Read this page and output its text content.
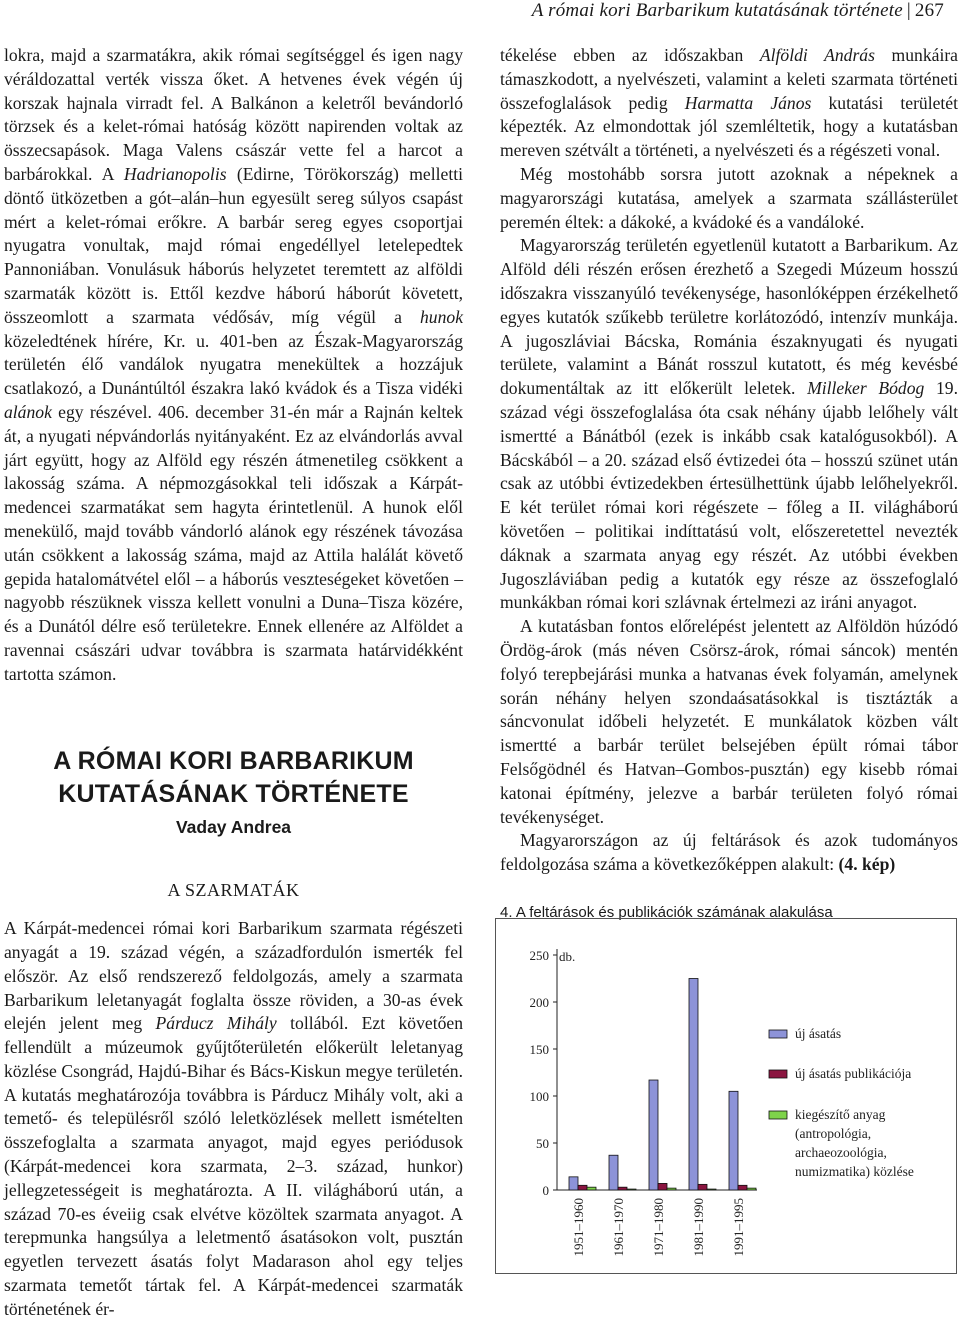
A római kori Barbarikum kutatásának története | 267

lokra, majd a szarmatákra, akik római segítséggel és igen nagy véráldozattal verték vissza őket. A hetvenes évek végén új korszak hajnala virradt fel. A Balkánon a keletről bevándorló törzsek és a kelet-római hatóság között napirenden voltak az összecsapások. Maga Valens császár vette fel a harcot a barbárokkal. A Hadrianopolis (Edirne, Törökország) melletti döntő ütközetben a gót–alán–hun egyesült sereg súlyos csapást mért a kelet-római erőkre. A barbár sereg egyes csoportjai nyugatra vonultak, majd római engedéllyel letelepedtek Pannoniában. Vonulásuk háborús helyzetet teremtett az alföldi szarmaták között is. Ettől kezdve háború háborút követett, összeomlott a szarmata védősáv, míg végül a hunok közeledtének hírére, Kr. u. 401-ben az Észak-Magyarország területén élő vandálok nyugatra menekültek a hozzájuk csatlakozó, a Dunántúltól északra lakó kvádok és a Tisza vidéki alánok egy részével. 406. december 31-én már a Rajnán keltek át, a nyugati népvándorlás nyitányaként. Ez az elvándorlás avval járt együtt, hogy az Alföld egy részén átmenetileg csökkent a lakosság száma. A népmozgásokkal teli időszak a Kárpát-medencei szarmatákat sem hagyta érintetlenül. A hunok elől menekülő, majd tovább vándorló alánok egy részének távozása után csökkent a lakosság száma, majd az Attila halálát követő gepida hatalomátvétel elől – a háborús veszteségeket követően – nagyobb részüknek vissza kellett vonulni a Duna–Tisza közére, és a Dunától délre eső területekre. Ennek ellenére az Alföldet a ravennai császári udvar továbbra is szarmata határvidékként tartotta számon.

A RÓMAI KORI BARBARIKUM
KUTATÁSÁNAK TÖRTÉNETE
Vaday Andrea
A SZARMATÁK

A Kárpát-medencei római kori Barbarikum szarmata régészeti anyagát a 19. század végén, a századfordulón ismerték fel először. Az első rendszerező feldolgozás, amely a szarmata Barbarikum leletanyagát foglalta össze röviden, a 30-as évek elején jelent meg Párducz Mihály tollából. Ezt követően fellendült a múzeumok gyűjtőterületén előkerült leletanyag közlése Csongrád, Hajdú-Bihar és Bács-Kiskun megye területén. A kutatás meghatározója továbbra is Párducz Mihály volt, aki a temető- és településről szóló leletközlések mellett ismételten összefoglalta a szarmata anyagot, majd egyes periódusok (Kárpát-medencei kora szarmata, 2–3. század, hunkor) jellegzetességeit is meghatározta. A II. világháború után, a század 70-es éveiig csak elvétve közöltek szarmata anyagot. A terepmunka hangsúlya a leletmentő ásatásokon volt, pusztán egyetlen tervezett ásatás folyt Madarason ahol egy teljes szarmata temetőt tártak fel. A Kárpát-medencei szarmaták történetének ér-

tékelése ebben az időszakban Alföldi András munkáira támaszkodott, a nyelvészeti, valamint a keleti szarmata történeti összefoglalások pedig Harmatta János kutatási területét képezték. Az elmondottak jól szemléltetik, hogy a kutatásban mereven szétvált a történeti, a nyelvészeti és a régészeti vonal.

Még mostohább sorsra jutott azoknak a népeknek a magyarországi kutatása, amelyek a szarmata szállásterület peremén éltek: a dákoké, a kvádoké és a vandáloké.

Magyarország területén egyetlenül kutatott a Barbarikum. Az Alföld déli részén erősen érezhető a Szegedi Múzeum hosszú időszakra visszanyúló tevékenysége, hasonlóképpen érzékelhető egyes kutatók szűkebb területre korlátozódó, intenzív munkája. A jugoszláviai Bácska, Románia északnyugati és nyugati területe, valamint a Bánát rosszul kutatott, és még kevésbé dokumentáltak az itt előkerült leletek. Milleker Bódog 19. század végi összefoglalása óta csak néhány újabb lelőhely vált ismertté a Bánátból (ezek is inkább csak katalógusokból). A Bácskából – a 20. század első évtizedei óta – hosszú szünet után csak az utóbbi évtizedekben értesülhettünk újabb lelőhelyekről. E két terület római kori régészete – főleg a II. világháború követően – politikai indíttatású volt, előszeretettel nevezték dáknak a szarmata anyag egy részét. Az utóbbi években Jugoszláviában pedig a kutatók egy része az összefoglaló munkákban római kori szlávnak értelmezi az iráni anyagot.

A kutatásban fontos előrelépést jelentett az Alföldön húzódó Ördög-árok (más néven Csörsz-árok, római sáncok) mentén folyó terepbejárási munka a hatvanas évek folyamán, amelynek során néhány helyen szondaásatásokkal is tisztázták a sáncvonulat időbeli helyzetét. E munkálatok közben vált ismertté a barbár terület belsejében épült római tábor Felsőgödnél és Hatvan–Gombos-pusztán) egy kisebb római katonai építmény, jelezve a barbár területen folyó római tevékenységet.

Magyarországon az új feltárások és azok tudományos feldolgozása száma a következőképpen alakult: (4. kép)

4. A feltárások és publikációk számának alakulása
0
50
100
150
200
250 db.
1951–1960 1961–1970 1971–1980 1981–1990 1991–1995
új ásatás
új ásatás publikációja
kiegészítő anyag
(antropológia,
archaeozoológia,
numizmatika) közlése
